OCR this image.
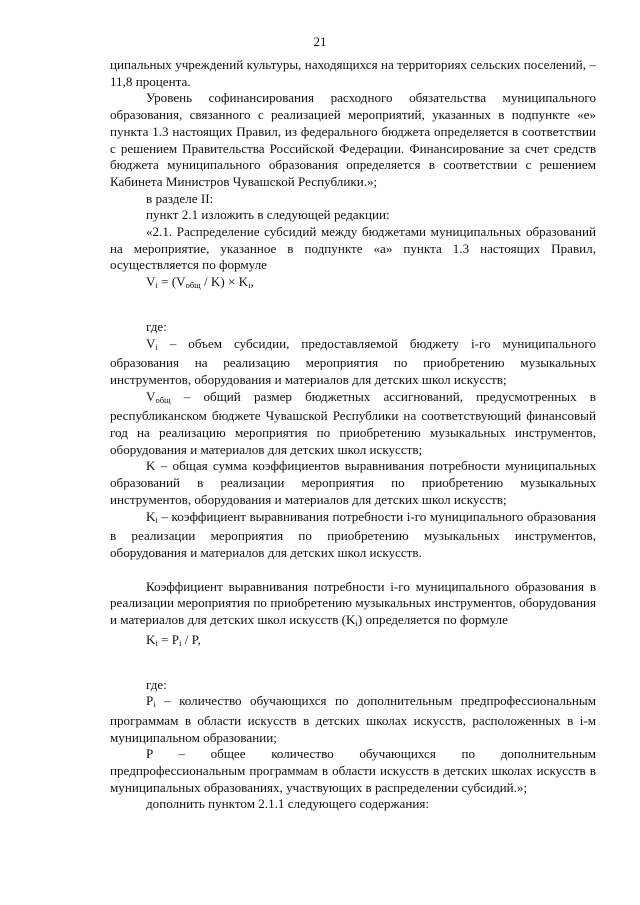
21

ципальных учреждений культуры, находящихся на территориях сельских поселений, – 11,8 процента.

Уровень софинансирования расходного обязательства муниципального образования, связанного с реализацией мероприятий, указанных в подпункте «е» пункта 1.3 настоящих Правил, из федерального бюджета определяется в соответствии с решением Правительства Российской Федерации. Финансирование за счет средств бюджета муниципального образования определяется в соответствии с решением Кабинета Министров Чувашской Республики.»;

в разделе II:

пункт 2.1 изложить в следующей редакции:

«2.1. Распределение субсидий между бюджетами муниципальных образований на мероприятие, указанное в подпункте «а» пункта 1.3 настоящих Правил, осуществляется по формуле

$V_i = (V_{общ} / K) \times K_i$,

где:

$V_i$ – объем субсидии, предоставляемой бюджету i-го муниципального образования на реализацию мероприятия по приобретению музыкальных инструментов, оборудования и материалов для детских школ искусств;

Vобщ – общий размер бюджетных ассигнований, предусмотренных в республиканском бюджете Чувашской Республики на соответствующий финансовый год на реализацию мероприятия по приобретению музыкальных инструментов, оборудования и материалов для детских школ искусств;

K – общая сумма коэффициентов выравнивания потребности муниципальных образований в реализации мероприятия по приобретению музыкальных инструментов, оборудования и материалов для детских школ искусств;

Ki – коэффициент выравнивания потребности i-го муниципального образования в реализации мероприятия по приобретению музыкальных инструментов, оборудования и материалов для детских школ искусств.

Коэффициент выравнивания потребности i-го муниципального образования в реализации мероприятия по приобретению музыкальных инструментов, оборудования и материалов для детских школ искусств (Ki) определяется по формуле

$K_i = P_i / P$,

где:

Pi – количество обучающихся по дополнительным предпрофессиональным программам в области искусств в детских школах искусств, расположенных в i-м муниципальном образовании;

P – общее количество обучающихся по дополнительным предпрофессиональным программам в области искусств в детских школах искусств в муниципальных образованиях, участвующих в распределении субсидий.»;

дополнить пунктом 2.1.1 следующего содержания:
